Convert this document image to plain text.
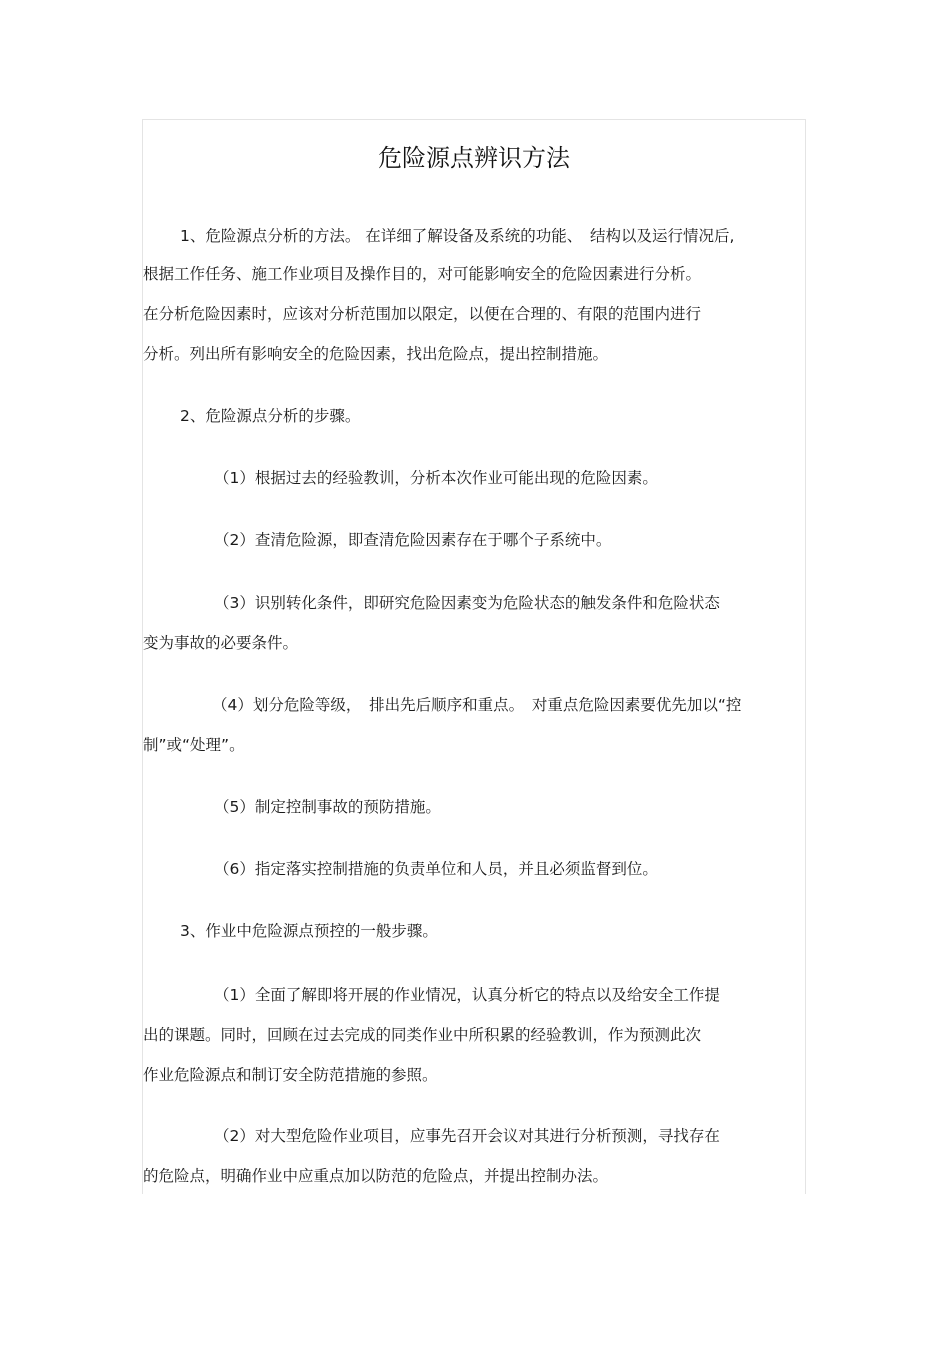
危险源点辨识方法
1、危险源点分析的方法。 在详细了解设备及系统的功能、　结构以及运行情况后,
根据工作任务、施工作业项目及操作目的，对可能影响安全的危险因素进行分析。
在分析危险因素时，应该对分析范围加以限定，以便在合理的、有限的范围内进行
分析。列出所有影响安全的危险因素，找出危险点，提出控制措施。
2、危险源点分析的步骤。
（1）根据过去的经验教训，分析本次作业可能出现的危险因素。
（2）查清危险源，即查清危险因素存在于哪个子系统中。
（3）识别转化条件，即研究危险因素变为危险状态的触发条件和危险状态
变为事故的必要条件。
（4）划分危险等级，　排出先后顺序和重点。　对重点危险因素要优先加以“控
制”或“处理”。
（5）制定控制事故的预防措施。
（6）指定落实控制措施的负责单位和人员，并且必须监督到位。
3、作业中危险源点预控的一般步骤。
（1）全面了解即将开展的作业情况，认真分析它的特点以及给安全工作提
出的课题。同时，回顾在过去完成的同类作业中所积累的经验教训，作为预测此次
作业危险源点和制订安全防范措施的参照。
（2）对大型危险作业项目，应事先召开会议对其进行分析预测，寻找存在
的危险点，明确作业中应重点加以防范的危险点，并提出控制办法。
